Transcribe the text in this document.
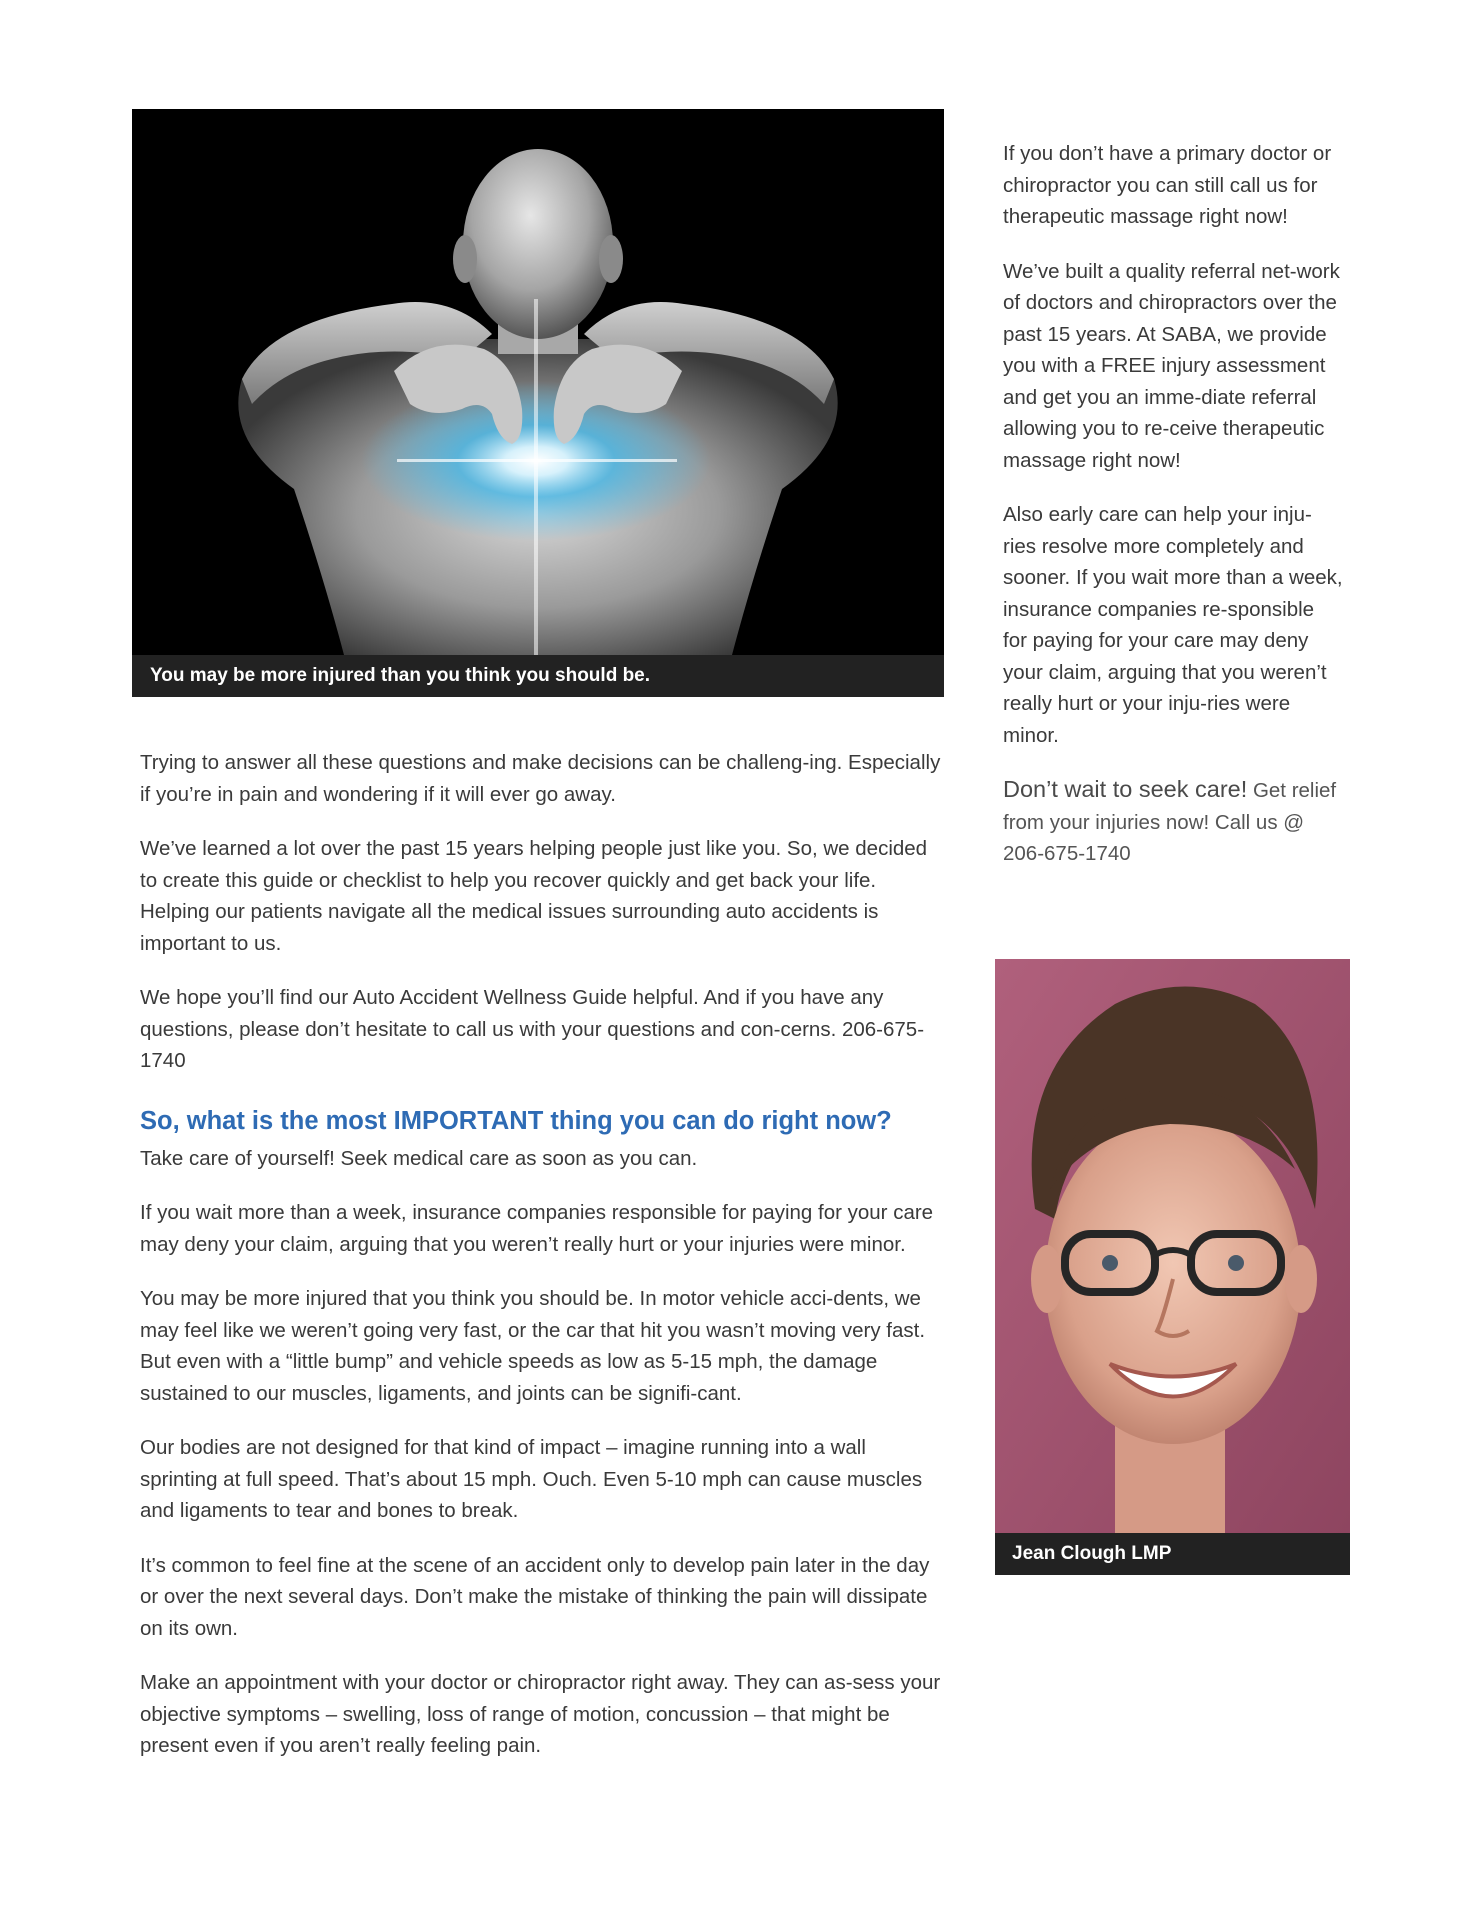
You may be more injured than you think you should be.

Trying to answer all these questions and make decisions can be challeng-ing. Especially if you’re in pain and wondering if it will ever go away.

We’ve learned a lot over the past 15 years helping people just like you. So, we decided to create this guide or checklist to help you recover quickly and get back your life. Helping our patients navigate all the medical issues surrounding auto accidents is important to us.

We hope you’ll find our Auto Accident Wellness Guide helpful. And if you have any questions, please don’t hesitate to call us with your questions and con-cerns. 206-675-1740

So, what is the most IMPORTANT thing you can do right now?

Take care of yourself! Seek medical care as soon as you can.

If you wait more than a week, insurance companies responsible for paying for your care may deny your claim, arguing that you weren’t really hurt or your injuries were minor.

You may be more injured that you think you should be. In motor vehicle acci-dents, we may feel like we weren’t going very fast, or the car that hit you wasn’t moving very fast. But even with a “little bump” and vehicle speeds as low as 5-15 mph, the damage sustained to our muscles, ligaments, and joints can be signifi-cant.

Our bodies are not designed for that kind of impact – imagine running into a wall sprinting at full speed. That’s about 15 mph. Ouch. Even 5-10 mph can cause muscles and ligaments to tear and bones to break.

It’s common to feel fine at the scene of an accident only to develop pain later in the day or over the next several days. Don’t make the mistake of thinking the pain will dissipate on its own.

Make an appointment with your doctor or chiropractor right away. They can as-sess your objective symptoms – swelling, loss of range of motion, concussion – that might be present even if you aren’t really feeling pain.

If you don’t have a primary doctor or chiropractor you can still call us for therapeutic massage right now!

We’ve built a quality referral net-work of doctors and chiropractors over the past 15 years. At SABA, we provide you with a FREE injury assessment and get you an imme-diate referral allowing you to re-ceive therapeutic massage right now!

Also early care can help your inju-ries resolve more completely and sooner. If you wait more than a week, insurance companies re-sponsible for paying for your care may deny your claim, arguing that you weren’t really hurt or your inju-ries were minor.

Don’t wait to seek care! Get relief from your injuries now! Call us @ 206-675-1740

Jean Clough LMP
